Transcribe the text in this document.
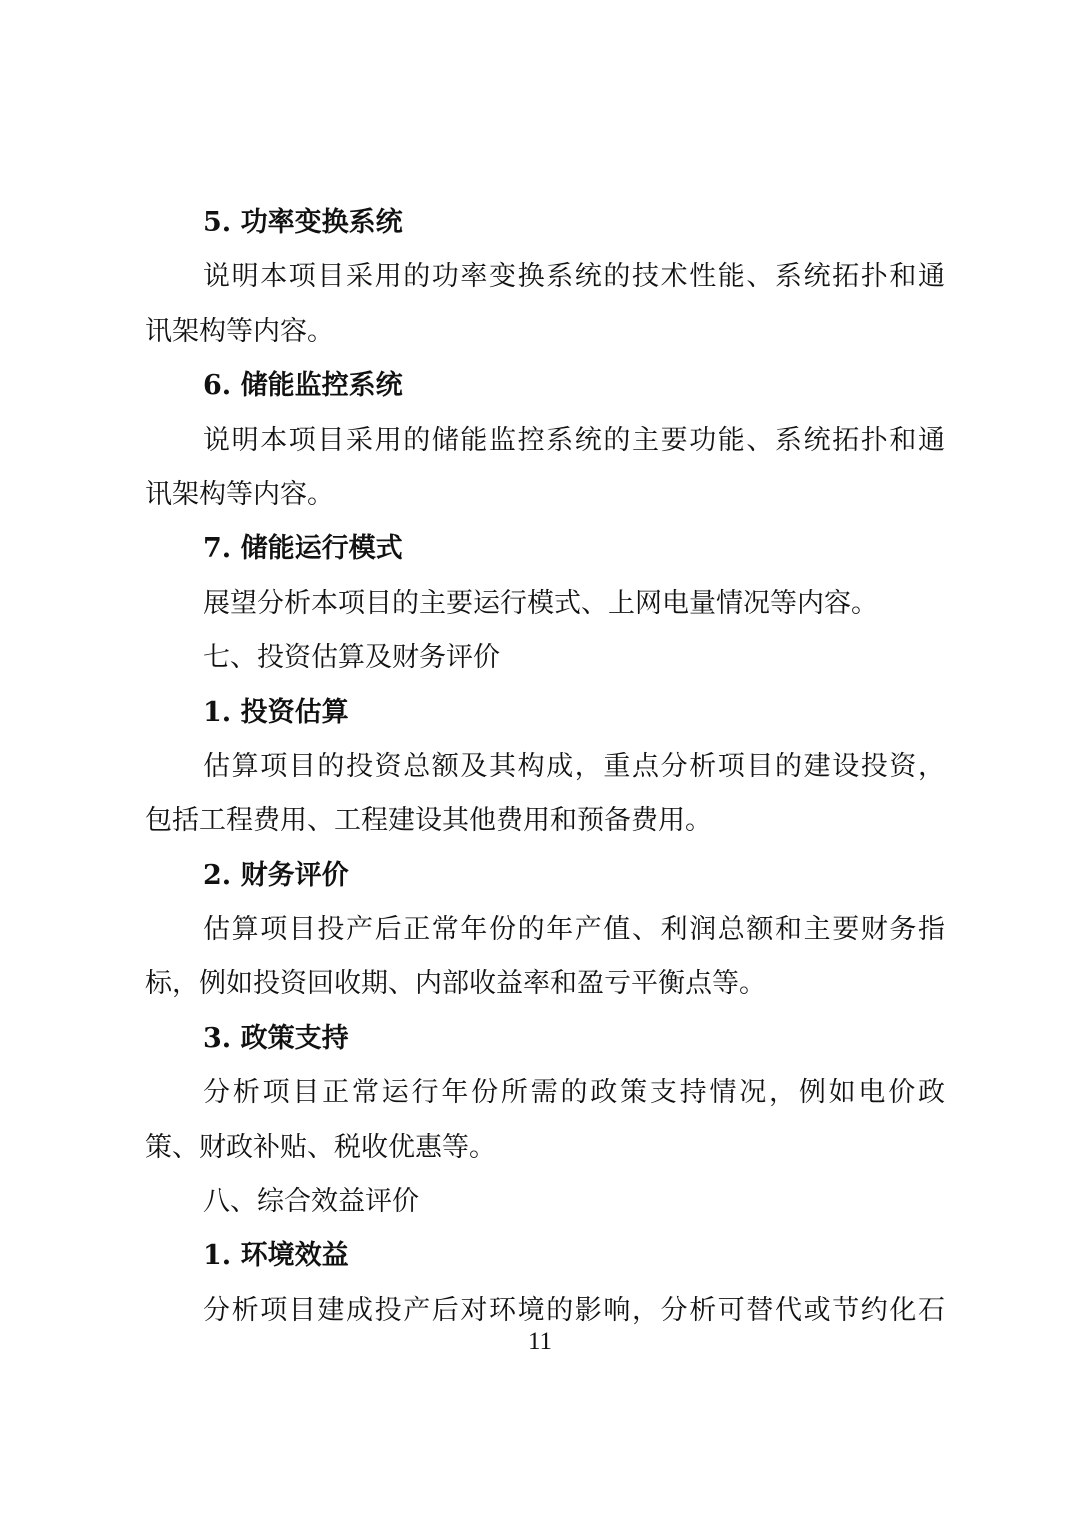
5. 功率变换系统
说明本项目采用的功率变换系统的技术性能、系统拓扑和通
讯架构等内容。
6. 储能监控系统
说明本项目采用的储能监控系统的主要功能、系统拓扑和通
讯架构等内容。
7. 储能运行模式
展望分析本项目的主要运行模式、上网电量情况等内容。
七、投资估算及财务评价
1. 投资估算
估算项目的投资总额及其构成，重点分析项目的建设投资，
包括工程费用、工程建设其他费用和预备费用。
2. 财务评价
估算项目投产后正常年份的年产值、利润总额和主要财务指
标，例如投资回收期、内部收益率和盈亏平衡点等。
3. 政策支持
分析项目正常运行年份所需的政策支持情况，例如电价政
策、财政补贴、税收优惠等。
八、综合效益评价
1. 环境效益
分析项目建成投产后对环境的影响，分析可替代或节约化石
11
